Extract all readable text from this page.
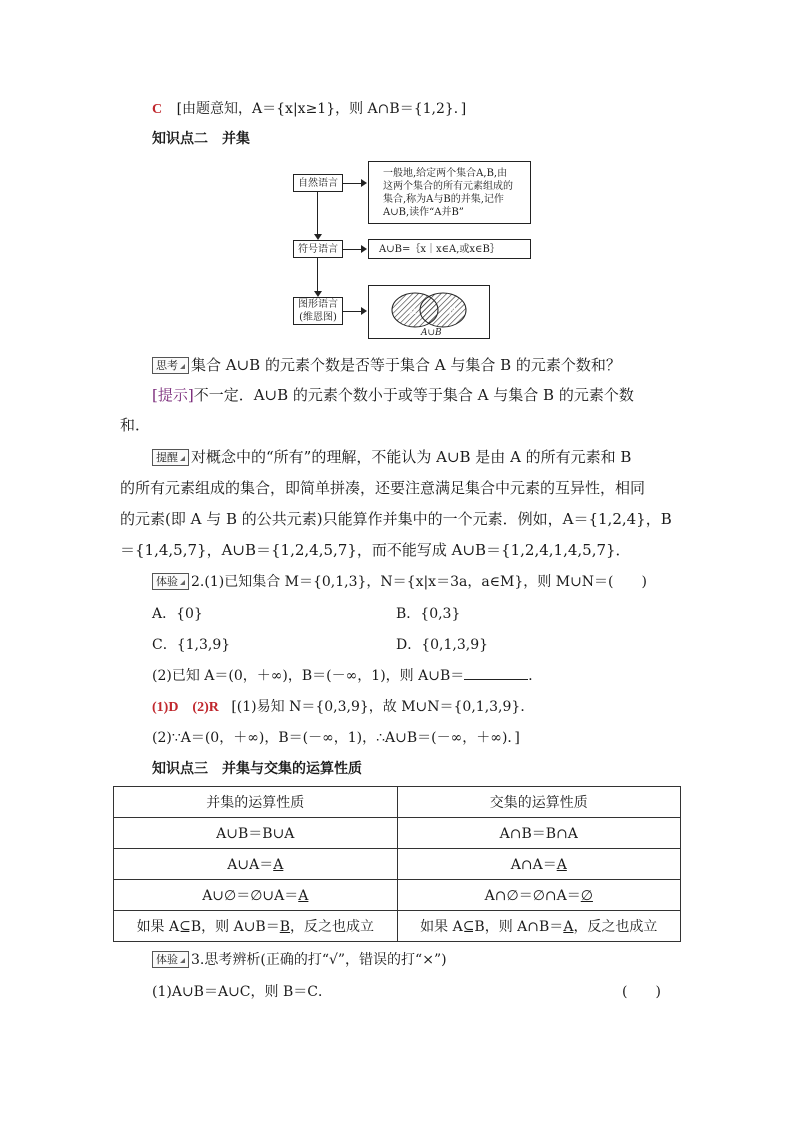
C [由题意知，A＝{x|x≥1}，则 A∩B＝{1,2}．]
知识点二　并集
自然语言
符号语言
图形语言(维恩图)
一般地,给定两个集合A,B,由这两个集合的所有元素组成的集合,称为A与B的并集,记作A∪B,读作“A并B”
A∪B=｛x｜x∈A,或x∈B｝
A	B
A∪B
思考 集合 A∪B 的元素个数是否等于集合 A 与集合 B 的元素个数和？
[提示]不一定．A∪B 的元素个数小于或等于集合 A 与集合 B 的元素个数
和．
提醒 对概念中的“所有”的理解，不能认为 A∪B 是由 A 的所有元素和 B
的所有元素组成的集合，即简单拼凑，还要注意满足集合中元素的互异性，相同
的元素(即 A 与 B 的公共元素)只能算作并集中的一个元素．例如，A＝{1,2,4}，B
＝{1,4,5,7}，A∪B＝{1,2,4,5,7}，而不能写成 A∪B＝{1,2,4,1,4,5,7}．
体验 2.(1)已知集合 M＝{0,1,3}，N＝{x|x＝3a，a∈M}，则 M∪N＝(　　)
A．{0}	B．{0,3}
C．{1,3,9}	D．{0,1,3,9}
(2)已知 A＝(0，＋∞)，B＝(－∞，1)，则 A∪B＝	．
(1)D　(2)R [(1)易知 N＝{0,3,9}，故 M∪N＝{0,1,3,9}．
(2)∵A＝(0，＋∞)，B＝(－∞，1)，∴A∪B＝(－∞，＋∞)．]
知识点三　并集与交集的运算性质
并集的运算性质	交集的运算性质
A∪B＝B∪A	A∩B＝B∩A
A∪A＝A	A∩A＝A
A∪∅＝∅∪A＝A	A∩∅＝∅∩A＝∅
如果 A⊆B，则 A∪B＝B，反之也成立	如果 A⊆B，则 A∩B＝A，反之也成立
体验 3.思考辨析(正确的打“√”，错误的打“×”)
(1)A∪B＝A∪C，则 B＝C．	(　　)
